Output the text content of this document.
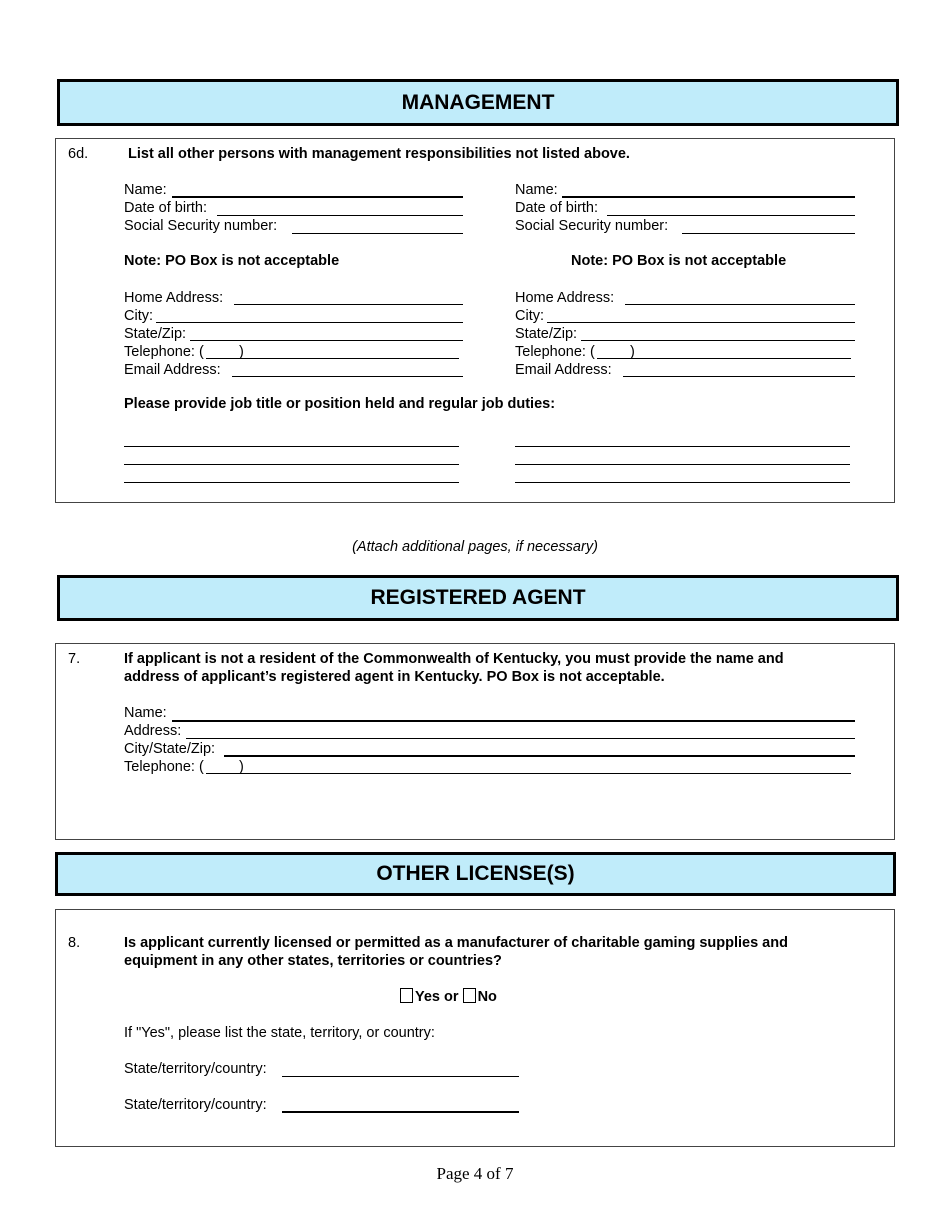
MANAGEMENT
6d.	List all other persons with management responsibilities not listed above.
Name:
Date of birth:
Social Security number:
Note: PO Box is not acceptable
Home Address:
City:
State/Zip:
Telephone: ( )
Email Address:
Name:
Date of birth:
Social Security number:
Note: PO Box is not acceptable
Home Address:
City:
State/Zip:
Telephone: ( )
Email Address:
Please provide job title or position held and regular job duties:
(Attach additional pages, if necessary)
REGISTERED AGENT
7.	If applicant is not a resident of the Commonwealth of Kentucky, you must provide the name and
address of applicant’s registered agent in Kentucky. PO Box is not acceptable.
Name:
Address:
City/State/Zip:
Telephone: ( )
OTHER LICENSE(S)
8.	Is applicant currently licensed or permitted as a manufacturer of charitable gaming supplies and
equipment in any other states, territories or countries?
Yes or No
If "Yes", please list the state, territory, or country:
State/territory/country:
State/territory/country:
Page 4 of 7
